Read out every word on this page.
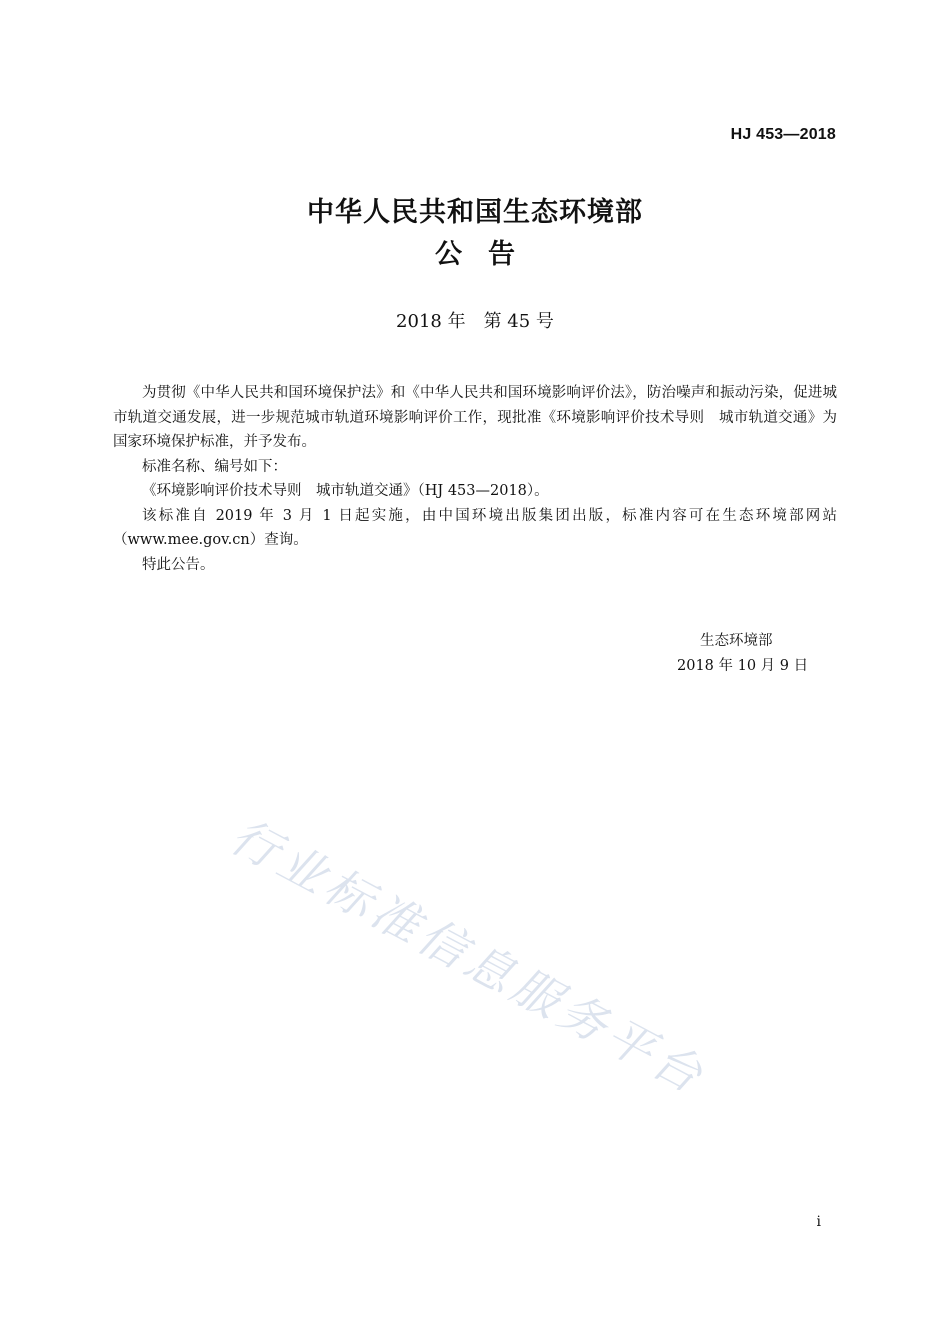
HJ 453—2018
中华人民共和国生态环境部
公告
2018 年　第 45 号

为贯彻《中华人民共和国环境保护法》和《中华人民共和国环境影响评价法》，防治噪声和振动污染，促进城市轨道交通发展，进一步规范城市轨道环境影响评价工作，现批准《环境影响评价技术导则　城市轨道交通》为国家环境保护标准，并予发布。

标准名称、编号如下：

《环境影响评价技术导则　城市轨道交通》（HJ 453—2018）。

该标准自 2019 年 3 月 1 日起实施，由中国环境出版集团出版，标准内容可在生态环境部网站（www.mee.gov.cn）查询。

特此公告。

生态环境部
2018 年 10 月 9 日
行业标准信息服务平台
i
